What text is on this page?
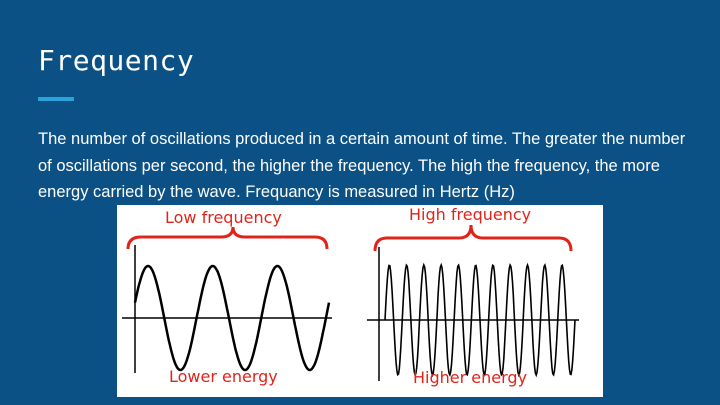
Frequency

The number of oscillations produced in a certain amount of time. The greater the number of oscillations per second, the higher the frequency. The high the frequency, the more energy carried by the wave. Frequancy is measured in Hertz (Hz)

Low frequency
Lower energy
High frequency
Higher energy
